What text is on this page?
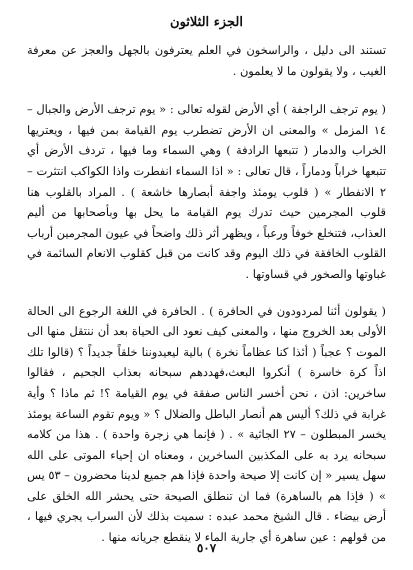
الجزء الثلاثون

تستند الى دليل ، والراسخون في العلم يعترفون بالجهل والعجز عن معرفة الغيب ، ولا يقولون ما لا يعلمون .

( يوم ترجف الراجفة ) أي الأرض لقوله تعالى : « يوم ترجف الأرض والجبال – ١٤ المزمل » والمعنى ان الأرض تضطرب يوم القيامة بمن فيها ، ويعتريها الخراب والدمار ( تتبعها الرادفة ) وهي السماء وما فيها ، تردف الأرض أي تتبعها خراباً ودماراً ، قال تعالى : « اذا السماء انفطرت واذا الكواكب انتثرت – ٢ الانفطار » ( قلوب يومئذ واجفة أبصارها خاشعة ) . المراد بالقلوب هنا قلوب المجرمين حيث تدرك يوم القيامة ما يحل بها وبأصحابها من أليم العذاب، فتنخلع خوفاً ورعباً ، ويظهر أثر ذلك واضحاً في عيون المجرمين أرباب القلوب الخافقة في ذلك اليوم وقد كانت من قبل كقلوب الانعام السائمة في غباوتها والصخور في قساوتها .

( يقولون أئنا لمردودون في الحافرة ) . الحافرة في اللغة الرجوع الى الحالة الأولى بعد الخروج منها ، والمعنى كيف نعود الى الحياة بعد أن ننتقل منها الى الموت ؟ عجباً ( أئذا كنا عظاماً نخرة ) بالية ليعيدوننا خلقاً جديداً ؟ (قالوا تلك اذاً كرة خاسرة ) أنكروا البعث،فهددهم سبحانه بعذاب الجحيم ، فقالوا ساخرين: اذن ، نحن أخسر الناس صفقة في يوم القيامة ؟! ثم ماذا ؟ وأية غرابة في ذلك؟ أليس هم أنصار الباطل والضلال ؟ « ويوم تقوم الساعة يومئذ يخسر المبطلون – ٢٧ الجاثية » . ( فإنما هي زجرة واحدة ) . هذا من كلامه سبحانه يرد به على المكذبين الساخرين ، ومعناه ان إحياء الموتى على الله سهل يسير « إن كانت إلا صيحة واحدة فإذا هم جميع لدينا محضرون – ٥٣ يس » ( فإذا هم بالساهرة) فما ان تنطلق الصيحة حتى يحشر الله الخلق على أرض بيضاء . قال الشيخ محمد عبده : سميت بذلك لأن السراب يجري فيها ، من قولهم : عين ساهرة أي جارية الماء لا ينقطع جريانه منها .

٥٠٧
